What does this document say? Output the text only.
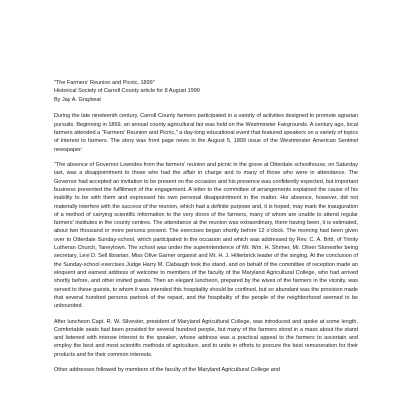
"The Farmers' Reunion and Picnic, 1899"
Historical Society of Carroll County article for 8 August 1999
By Jay A. Graybeal

During the late nineteenth century, Carroll County farmers participated in a variety of activities designed to promote agrarian pursuits. Beginning in 1869, an annual county agricultural fair was held on the Westminster Fairgrounds. A century ago, local farmers attended a "Farmers' Reunion and Picnic," a day-long educational event that featured speakers on a variety of topics of interest to farmers. The story was front page news in the August 5, 1899 issue of the Westminster American Sentinel newspaper:

"The absence of Governor Lowndes from the farmers' reunion and picnic in the grove at Otterdale schoolhouse, on Saturday last, was a disappointment to those who had the affair in charge and to many of those who were in attendance. The Governor had accepted an invitation to be present on the occasion and his presence was confidently expected, but important business prevented the fulfillment of the engagement. A letter to the committee of arrangements explained the cause of his inability to be with them and expressed his own personal disappointment in the matter. His absence, however, did not materially interfere with the success of the reunion, which had a definite purpose and, it is hoped, may mark the inauguration of a method of carrying scientific information to the very doors of the farmers, many of whom are unable to attend regular farmers' institutes in the county centres. The attendance at the reunion was extraordinary, there having been, it is estimated, about two thousand or more persons present. The exercises began shortly before 12 o'clock. The morning had been given over to Otterdale Sunday-school, which participated in the occasion and which was addressed by Rev. C. A. Britt, of Trinity Lutheran Church, Taneytown. The school was under the superintendence of Mr. Wm. H. Shriner, Mr. Oliver Stonesifer being secretary, Levi D. Sell librarian, Miss Olive Garner organist and Mr. H. J. Hilterbrick leader of the singing. At the conclusion of the Sunday-school exercises Judge Harry M. Clabaugh took the stand, and on behalf of the committee of reception made an eloquent and earnest address of welcome to members of the faculty of the Maryland Agricultural College, who had arrived shortly before, and other invited guests. Then an elegant luncheon, prepared by the wives of the farmers in the vicinity, was served to these guests, to whom it was intended this hospitality should be confined, but so abundant was the provision made that several hundred persons partook of the repast, and the hospitality of the people of the neighborhood seemed to be unbounded.

After luncheon Capt. R. W. Silvester, president of Maryland Agricultural College, was introduced and spoke at some length. Comfortable seats had been provided for several hundred people, but many of the farmers stood in a mass about the stand and listened with intense interest to the speaker, whose address was a practical appeal to the farmers to ascertain and employ the best and most scientific methods of agriculture, and to unite in efforts to procure the best remuneration for their products and for their common interests.

Other addresses followed by members of the faculty of the Maryland Agricultural College and
